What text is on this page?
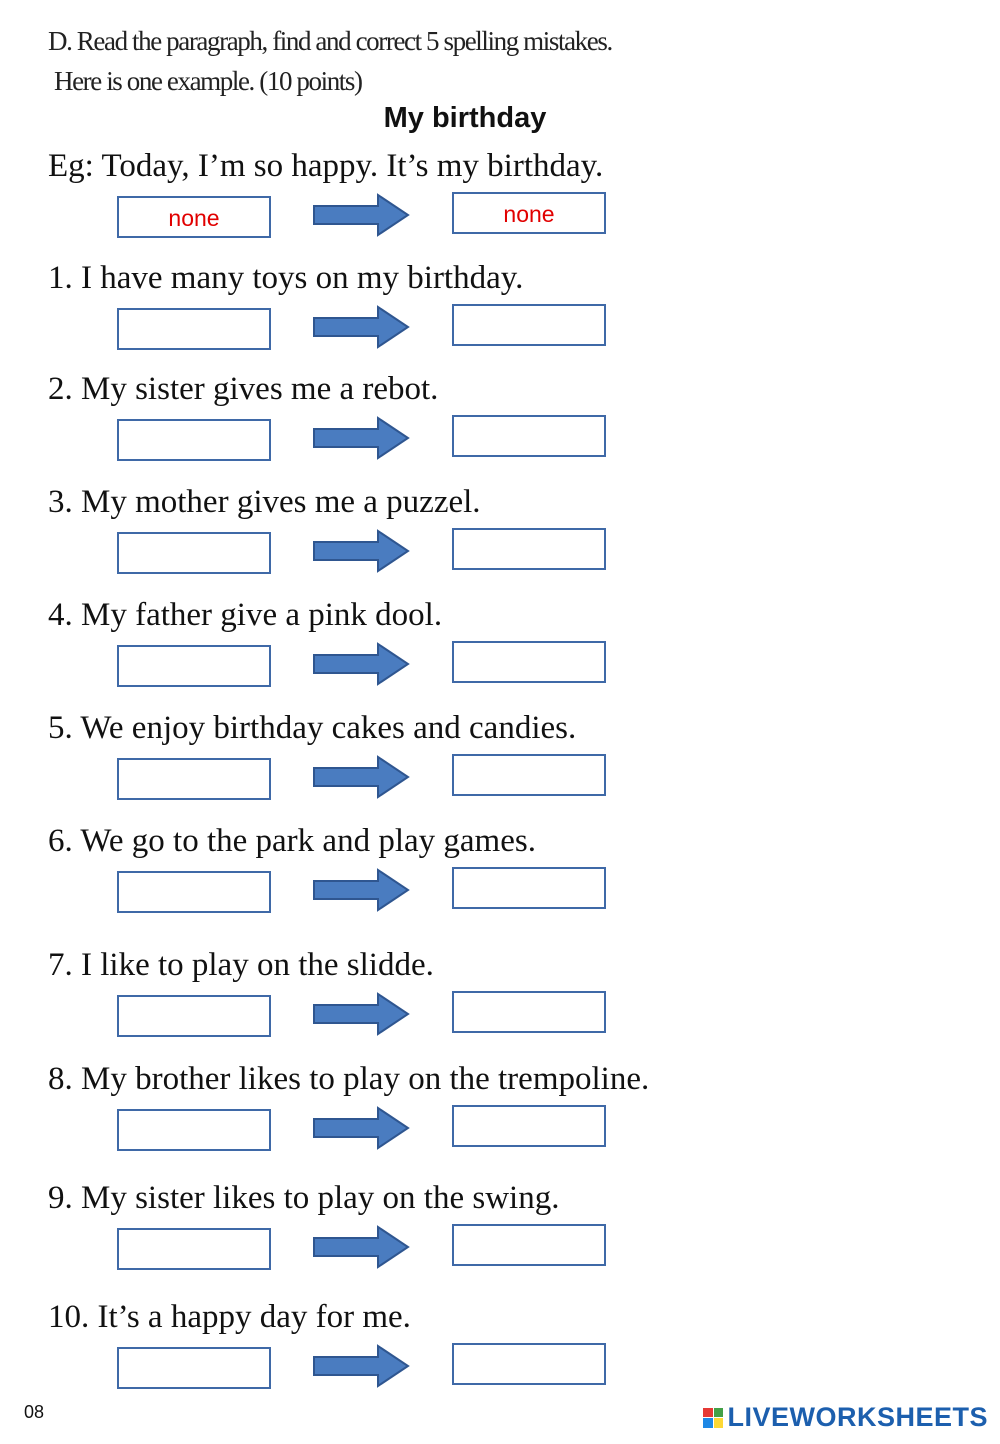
D. Read the paragraph, find and correct 5 spelling mistakes.
Here is one example. (10 points)
My birthday
Eg: Today, I’m so happy. It’s my birthday.
none	none
1. I have many toys on my birthday.
2. My sister gives me a rebot.
3. My mother gives me a puzzel.
4. My father give a pink dool.
5. We enjoy birthday cakes and candies.
6. We go to the park and play games.
7. I like to play on the slidde.
8. My brother likes to play on the trempoline.
9. My sister likes to play on the swing.
10. It’s a happy day for me.
08	LIVEWORKSHEETS
